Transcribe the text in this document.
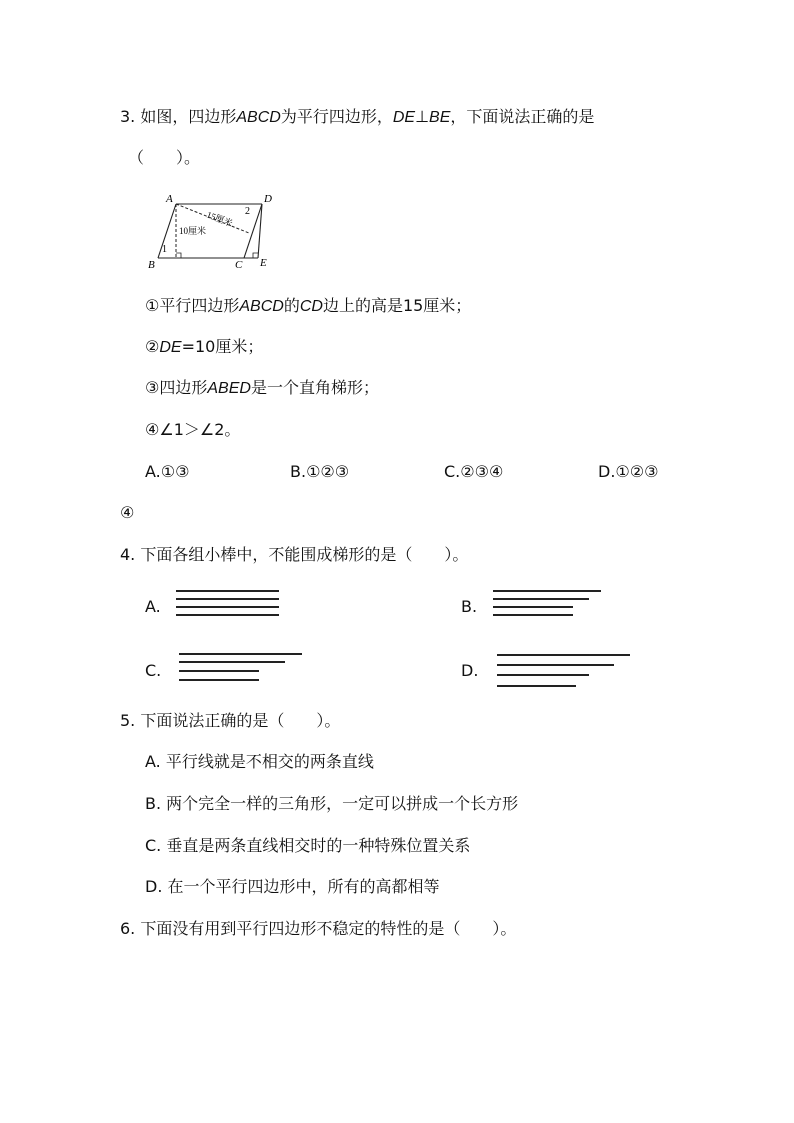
3. 如图，四边形ABCD为平行四边形，DE⊥BE，下面说法正确的是
（　　）。
A	D
B	C E
1
2
15厘米
10厘米
①平行四边形ABCD的CD边上的高是15厘米；
②DE=10厘米；
③四边形ABED是一个直角梯形；
④∠1＞∠2。
A.①③	B.①②③	C.②③④	D.①②③
④
4. 下面各组小棒中，不能围成梯形的是（　　）。
A.	B.
C.	D.
5. 下面说法正确的是（　　）。
A. 平行线就是不相交的两条直线
B. 两个完全一样的三角形，一定可以拼成一个长方形
C. 垂直是两条直线相交时的一种特殊位置关系
D. 在一个平行四边形中，所有的高都相等
6. 下面没有用到平行四边形不稳定的特性的是（　　）。
